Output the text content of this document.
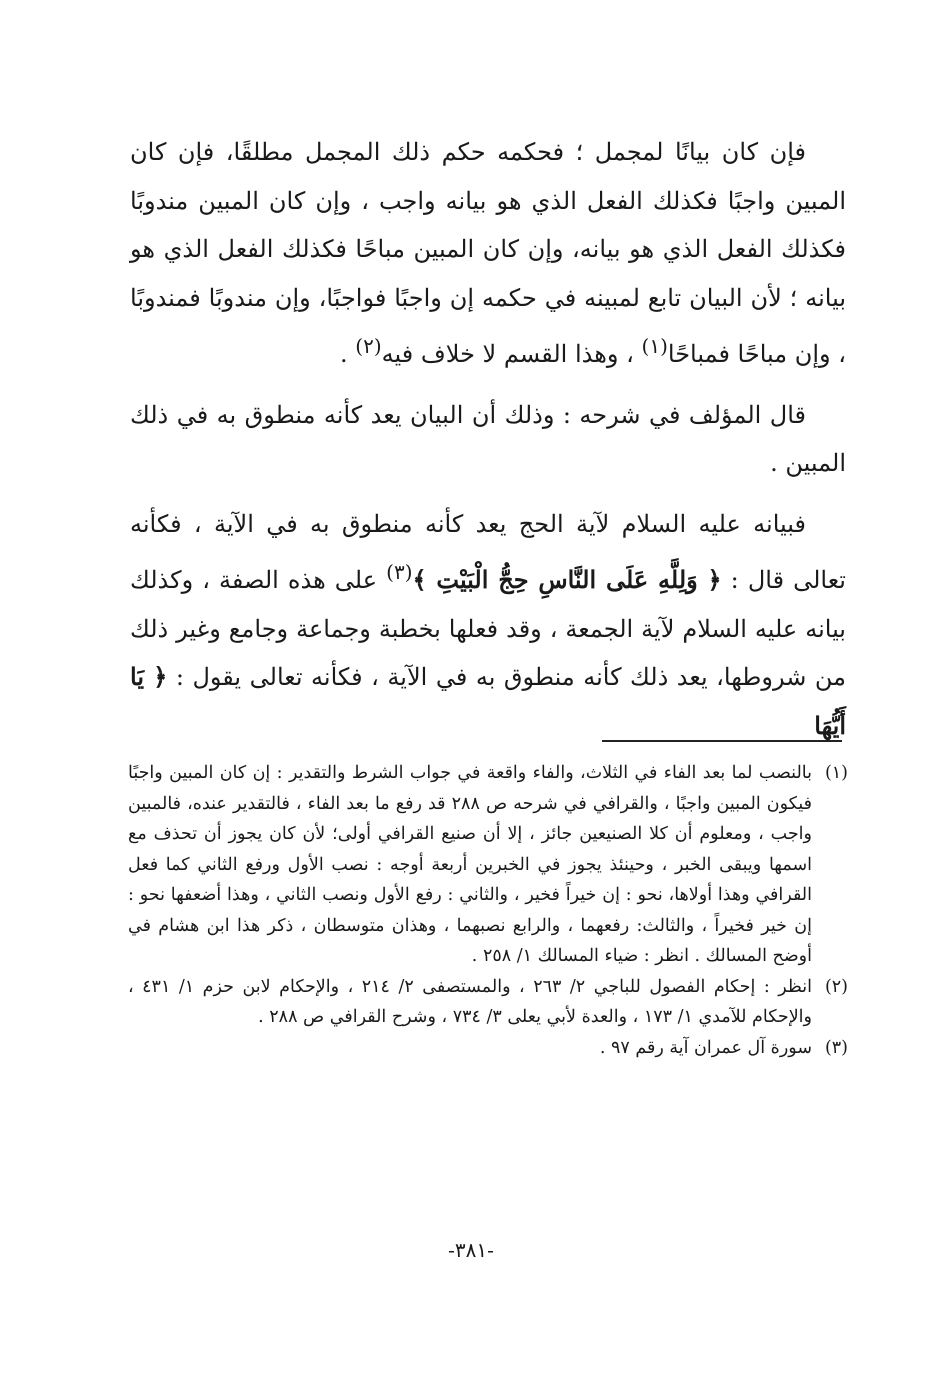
فإن كان بيانًا لمجمل ؛ فحكمه حكم ذلك المجمل مطلقًا، فإن كان المبين واجبًا فكذلك الفعل الذي هو بيانه واجب ، وإن كان المبين مندوبًا فكذلك الفعل الذي هو بيانه، وإن كان المبين مباحًا فكذلك الفعل الذي هو بيانه ؛ لأن البيان تابع لمبينه في حكمه إن واجبًا فواجبًا، وإن مندوبًا فمندوبًا ، وإن مباحًا فمباحًا$^{(١)}$ ، وهذا القسم لا خلاف فيه$^{(٢)}$ .

قال المؤلف في شرحه : وذلك أن البيان يعد كأنه منطوق به في ذلك المبين .

فبيانه عليه السلام لآية الحج يعد كأنه منطوق به في الآية ، فكأنه تعالى قال : ﴿ وَلِلَّهِ عَلَى النَّاسِ حِجُّ الْبَيْتِ ﴾$^{(٣)}$ على هذه الصفة ، وكذلك بيانه عليه السلام لآية الجمعة ، وقد فعلها بخطبة وجماعة وجامع وغير ذلك من شروطها، يعد ذلك كأنه منطوق به في الآية ، فكأنه تعالى يقول : ﴿ يَا أَيُّهَا

(١)
بالنصب لما بعد الفاء في الثلاث، والفاء واقعة في جواب الشرط والتقدير : إن كان المبين واجبًا فيكون المبين واجبًا ، والقرافي في شرحه ص ٢٨٨ قد رفع ما بعد الفاء ، فالتقدير عنده، فالمبين واجب ، ومعلوم أن كلا الصنيعين جائز ، إلا أن صنيع القرافي أولى؛ لأن كان يجوز أن تحذف مع اسمها ويبقى الخبر ، وحينئذ يجوز في الخبرين أربعة أوجه : نصب الأول ورفع الثاني كما فعل القرافي وهذا أولاها، نحو : إن خيراً فخير ، والثاني : رفع الأول ونصب الثاني ، وهذا أضعفها نحو : إن خير فخيراً ، والثالث: رفعهما ، والرابع نصبهما ، وهذان متوسطان ، ذكر هذا ابن هشام في أوضح المسالك . انظر : ضياء المسالك ١/ ٢٥٨ .
(٢)
انظر : إحكام الفصول للباجي ٢/ ٢٦٣ ، والمستصفى ٢/ ٢١٤ ، والإحكام لابن حزم ١/ ٤٣١ ، والإحكام للآمدي ١/ ١٧٣ ، والعدة لأبي يعلى ٣/ ٧٣٤ ، وشرح القرافي ص ٢٨٨ .
(٣)
سورة آل عمران آية رقم ٩٧ .
-٣٨١-
